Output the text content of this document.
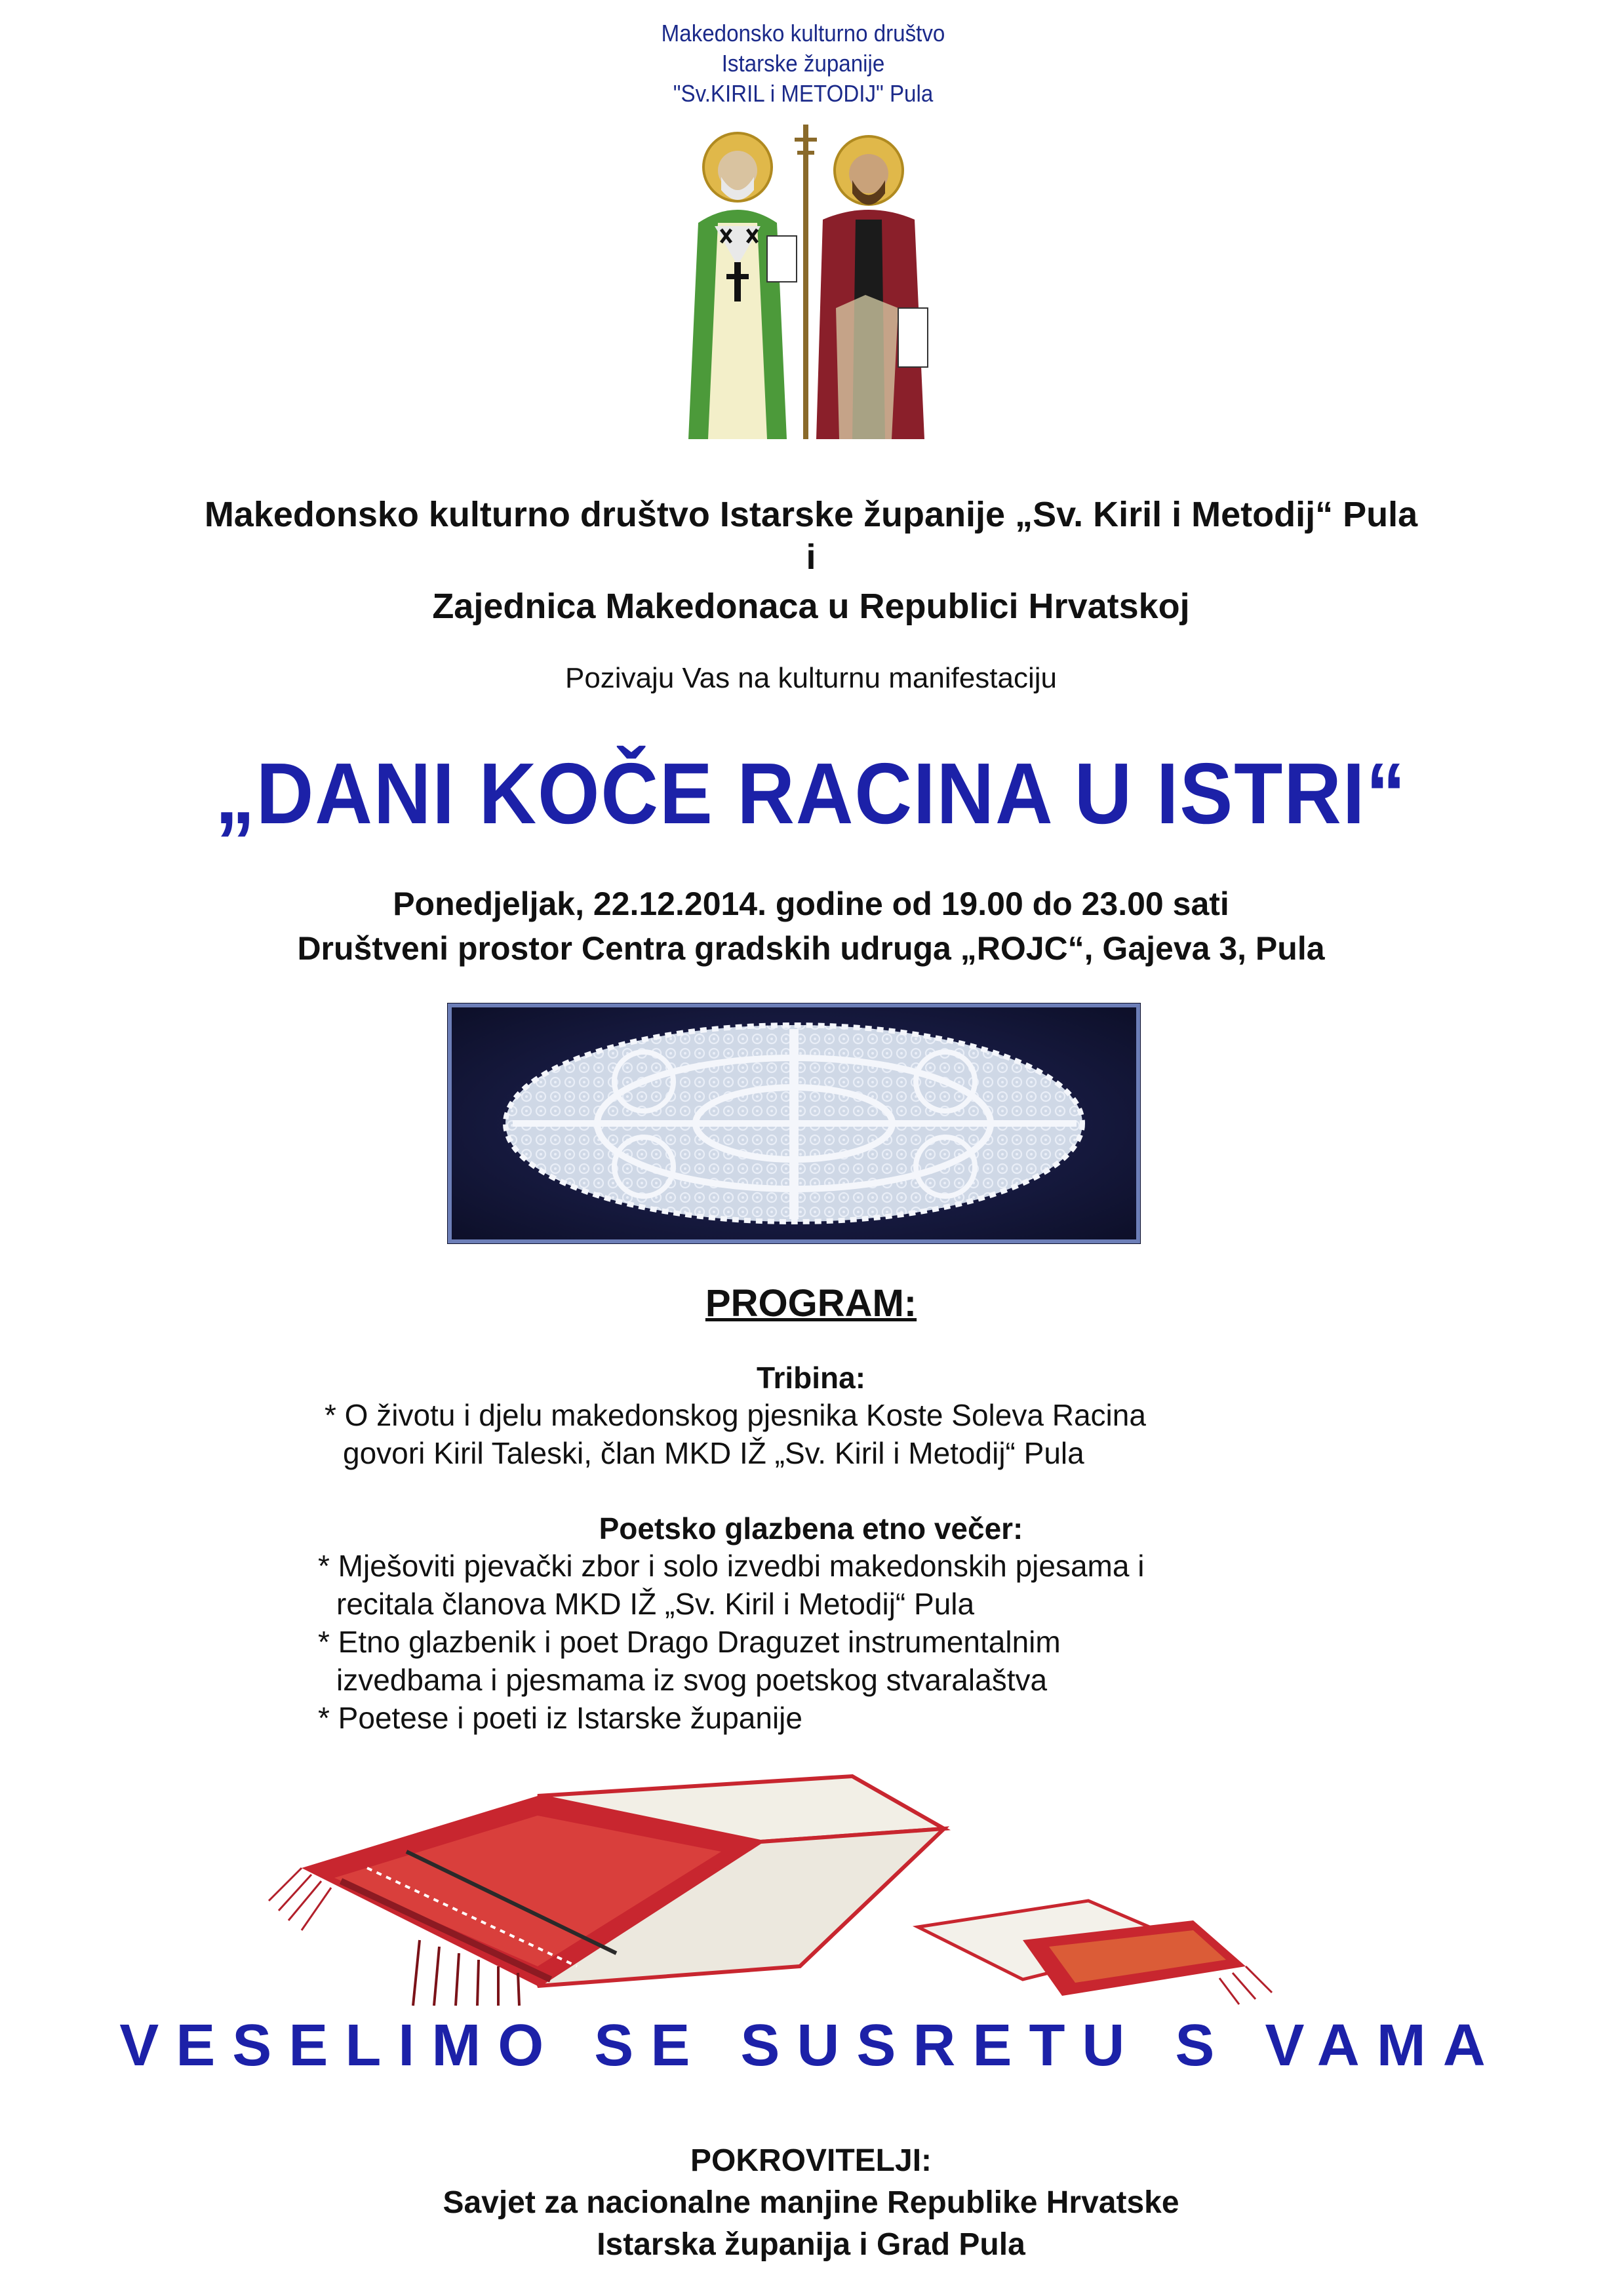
Makedonsko kulturno društvo
Istarske županije
"Sv.KIRIL i METODIJ" Pula
Makedonsko kulturno društvo Istarske županije „Sv. Kiril i Metodij“ Pula
i
Zajednica Makedonaca u Republici Hrvatskoj
Pozivaju Vas na kulturnu manifestaciju
„DANI KOČE RACINA U ISTRI“
Ponedjeljak, 22.12.2014. godine od 19.00 do 23.00 sati
Društveni prostor Centra gradskih udruga „ROJC“, Gajeva 3, Pula
PROGRAM:
Tribina:
* O životu i djelu makedonskog pjesnika Koste Soleva Racina
govori Kiril Taleski, član MKD IŽ „Sv. Kiril i Metodij“ Pula
Poetsko glazbena etno večer:
* Mješoviti pjevački zbor i solo izvedbi makedonskih pjesama i
recitala članova MKD IŽ „Sv. Kiril i Metodij“ Pula
* Etno glazbenik i poet Drago Draguzet instrumentalnim
izvedbama i pjesmama iz svog poetskog stvaralaštva
* Poetese i poeti iz Istarske županije
VESELIMO SE SUSRETU S VAMA
POKROVITELJI:
Savjet za nacionalne manjine Republike Hrvatske
Istarska županija i Grad Pula
